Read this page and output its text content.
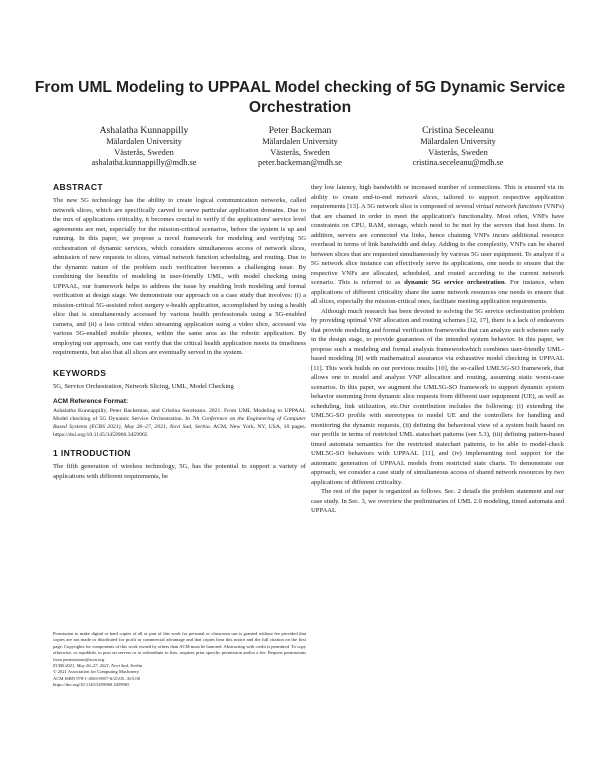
From UML Modeling to UPPAAL Model checking of 5G Dynamic Service Orchestration
Ashalatha Kunnappilly
Mälardalen University
Västerås, Sweden
ashalatha.kunnappilly@mdh.se
Peter Backeman
Mälardalen University
Västerås, Sweden
peter.backeman@mdh.se
Cristina Seceleanu
Mälardalen University
Västerås, Sweden
cristina.seceleanu@mdh.se
ABSTRACT

The new 5G technology has the ability to create logical communication networks, called network slices, which are specifically carved to serve particular application domains. Due to the mix of applications criticality, it becomes crucial to verify if the applications' service level agreements are met, especially for the mission-critical scenarios, before the system is up and running. In this paper, we propose a novel framework for modeling and verifying 5G orchestration of dynamic services, which considers simultaneous access of network slices, admission of new requests to slices, virtual network function scheduling, and routing. Due to the dynamic nature of the problem such verification becomes a challenging issue. By combining the benefits of modeling in user-friendly UML, with model checking using UPPAAL, our framework helps to address the issue by enabling both modeling and formal verification at design stage. We demonstrate our approach on a case study that involves: (i) a mission-critical 5G-assisted robot surgery e-health application, accomplished by using a health slice that is simultaneously accessed by various health professionals using a 5G-enabled camera, and (ii) a less critical video streaming application using a video slice, accessed via various 5G-enabled mobile phones, within the same area as the robotic application. By employing our approach, one can verify that the critical health application meets its timeliness requirements, but also that all slices are eventually served in the system.

KEYWORDS
5G, Service Orchestration, Network Slicing, UML, Model Checking
ACM Reference Format:

Ashalatha Kunnappilly, Peter Backeman, and Cristina Seceleanu. 2021. From UML Modeling to UPPAAL Model checking of 5G Dynamic Service Orchestration. In 7th Conference on the Engineering of Computer Based Systems (ECBS 2021), May 26–27, 2021, Novi Sad, Serbia. ACM, New York, NY, USA, 10 pages. https://doi.org/10.1145/3459960.3459965

1 INTRODUCTION

The fifth generation of wireless technology, 5G, has the potential to support a variety of applications with different requirements, be

Permission to make digital or hard copies of all or part of this work for personal or classroom use is granted without fee provided that copies are not made or distributed for profit or commercial advantage and that copies bear this notice and the full citation on the first page. Copyrights for components of this work owned by others than ACM must be honored. Abstracting with credit is permitted. To copy otherwise, or republish, to post on servers or to redistribute to lists, requires prior specific permission and/or a fee. Request permissions from permissions@acm.org.
ECBS 2021, May 26–27, 2021, Novi Sad, Serbia
© 2021 Association for Computing Machinery.
ACM ISBN 978-1-4503-8957-6/21/05...$15.00
https://doi.org/10.1145/3459960.3459965

they low latency, high bandwidth or increased number of connections. This is ensured via its ability to create end-to-end network slices, tailored to support respective application requirements [13]. A 5G network slice is composed of several virtual network functions (VNFs) that are chained in order to meet the application's functionality. Most often, VNFs have constraints on CPU, RAM, storage, which need to be met by the servers that host them. In addition, servers are connected via links, hence chaining VNFs incurs additional resource overhead in terms of link bandwidth and delay. Adding to the complexity, VNFs can be shared between slices that are requested simultaneously by various 5G user equipment. To analyze if a 5G network slice instance can effectively serve its applications, one needs to ensure that the respective VNFs are allocated, scheduled, and routed according to the current network scenario. This is referred to as dynamic 5G service orchestration. For instance, when applications of different criticality share the same network resources one needs to ensure that all slices, especially the mission-critical ones, facilitate meeting application requirements.

Although much research has been devoted to solving the 5G service orchestration problem by providing optimal VNF allocation and routing schemes [12, 17], there is a lack of endeavors that provide modeling and formal verification frameworks that can analyze such schemes early in the design stage, to provide guarantees of the intended system behavior. In this paper, we propose such a modeling and formal analysis frameworkwhich combines user-friendly UML-based modeling [8] with mathematical assurance via exhaustive model checking in UPPAAL [11]. This work builds on our previous results [10], the so-called UML5G-SO framework, that allows one to model and analyze VNF allocation and routing, assuming static worst-case scenarios. In this paper, we augment the UML5G-SO framework to support dynamic system behavior stemming from dynamic slice requests from different user equipment (UE), as well as scheduling, link utilization, etc.Our contribution includes the following: (i) extending the UML5G-SO profile with stereotypes to model UE and the controllers for handling and monitoring the dynamic requests, (ii) defining the behavioral view of a system built based on our profile in terms of restricted UML statechart patterns (see 5.3), (iii) defining pattern-based timed automata semantics for the restricted statechart patterns, to be able to model-check UML5G-SO behaviors with UPPAAL [11], and (iv) implementing tool support for the automatic generation of UPPAAL models from restricted state charts. To demonstrate our approach, we consider a case study of simultaneous access of shared network resources by two applications of different criticality.

The rest of the paper is organized as follows. Sec. 2 details the problem statement and our case study. In Sec. 3, we overview the preliminaries of UML 2.0 modeling, timed automata and UPPAAL
